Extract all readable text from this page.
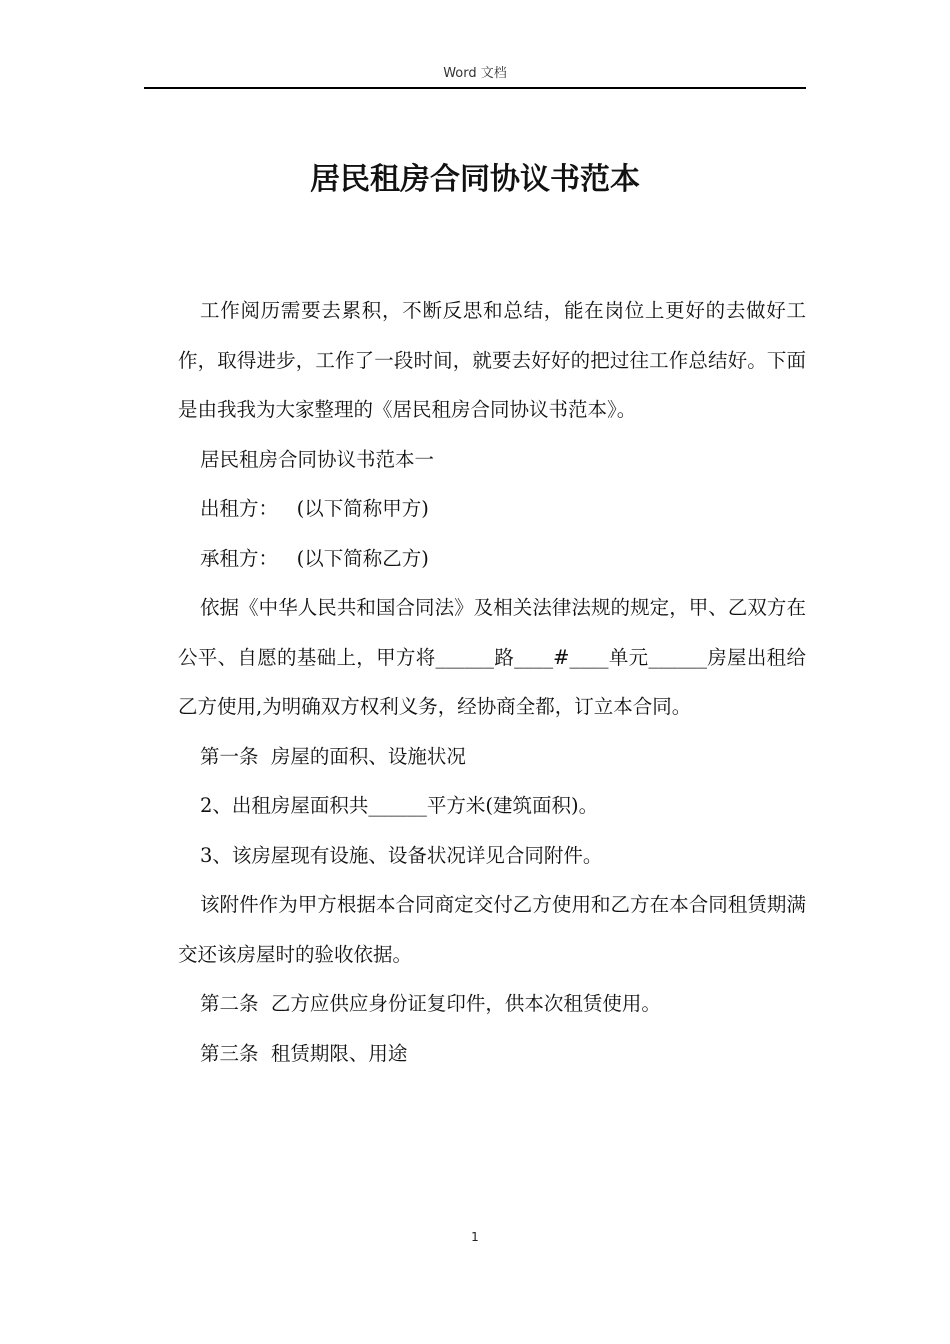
Word 文档
居民租房合同协议书范本

工作阅历需要去累积，不断反思和总结，能在岗位上更好的去做好工作，取得进步，工作了一段时间，就要去好好的把过往工作总结好。下面是由我我为大家整理的《居民租房合同协议书范本》。

居民租房合同协议书范本一

出租方：   (以下简称甲方)

承租方：   (以下简称乙方)

依据《中华人民共和国合同法》及相关法律法规的规定，甲、乙双方在公平、自愿的基础上，甲方将______路____#____单元______房屋出租给乙方使用,为明确双方权利义务，经协商全都，订立本合同。

第一条  房屋的面积、设施状况

2、出租房屋面积共______平方米(建筑面积)。

3、该房屋现有设施、设备状况详见合同附件。

该附件作为甲方根据本合同商定交付乙方使用和乙方在本合同租赁期满交还该房屋时的验收依据。

第二条  乙方应供应身份证复印件，供本次租赁使用。

第三条  租赁期限、用途

1
